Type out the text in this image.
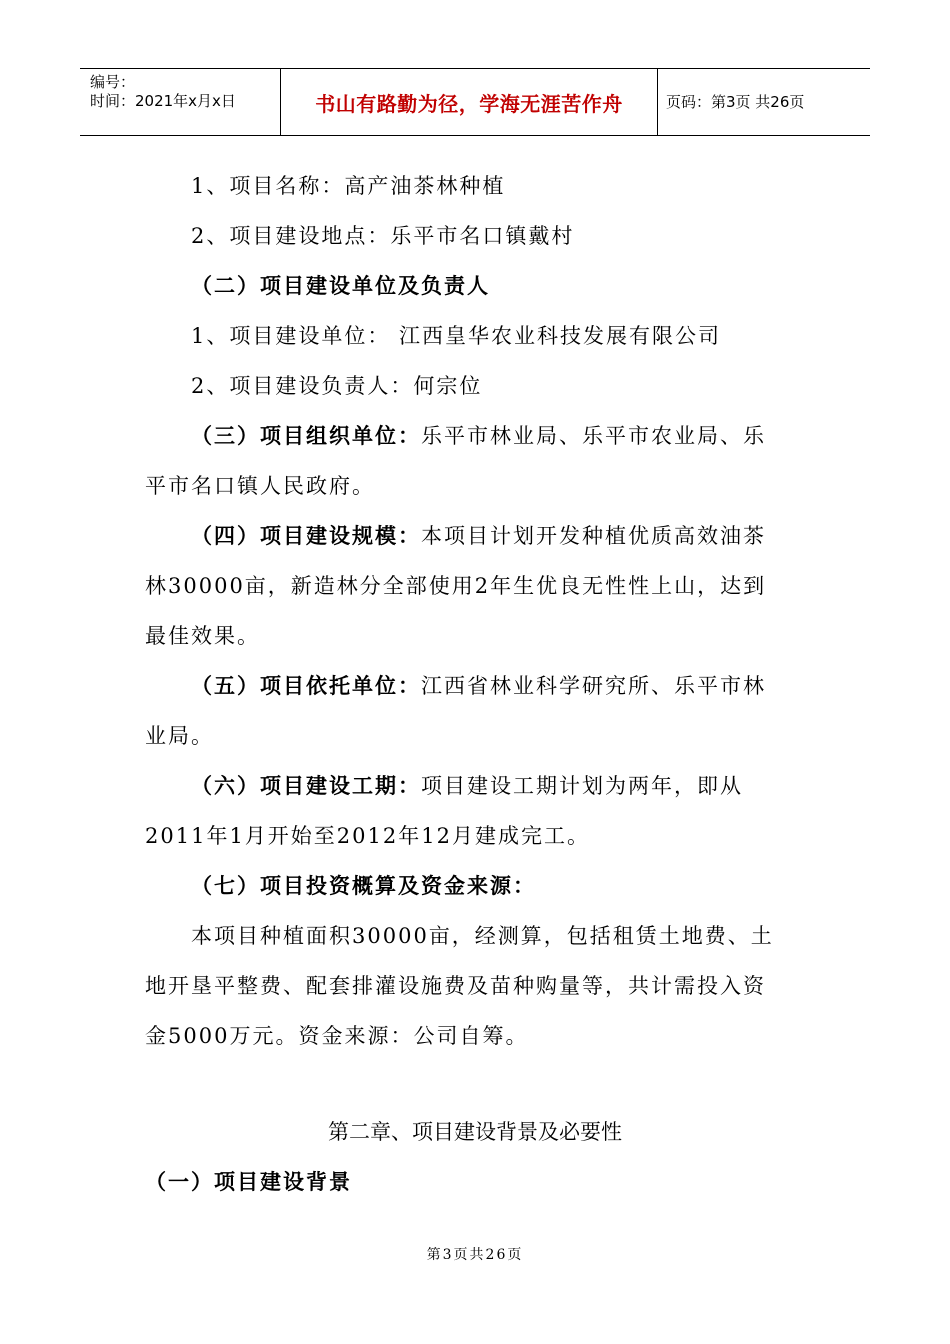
编号：
时间：2021年x月x日	书山有路勤为径，学海无涯苦作舟	页码：第3页 共26页
1、项目名称：高产油茶林种植
2、项目建设地点：乐平市名口镇戴村
（二）项目建设单位及负责人
1、项目建设单位： 江西皇华农业科技发展有限公司
2、项目建设负责人：何宗位
（三）项目组织单位：乐平市林业局、乐平市农业局、乐
平市名口镇人民政府。
（四）项目建设规模：本项目计划开发种植优质高效油茶
林30000亩，新造林分全部使用2年生优良无性性上山，达到
最佳效果。
（五）项目依托单位：江西省林业科学研究所、乐平市林
业局。
（六）项目建设工期：项目建设工期计划为两年，即从
2011年1月开始至2012年12月建成完工。
（七）项目投资概算及资金来源：
本项目种植面积30000亩，经测算，包括租赁土地费、土
地开垦平整费、配套排灌设施费及苗种购量等，共计需投入资
金5000万元。资金来源：公司自筹。
第二章、项目建设背景及必要性
（一）项目建设背景
第3页共26页
